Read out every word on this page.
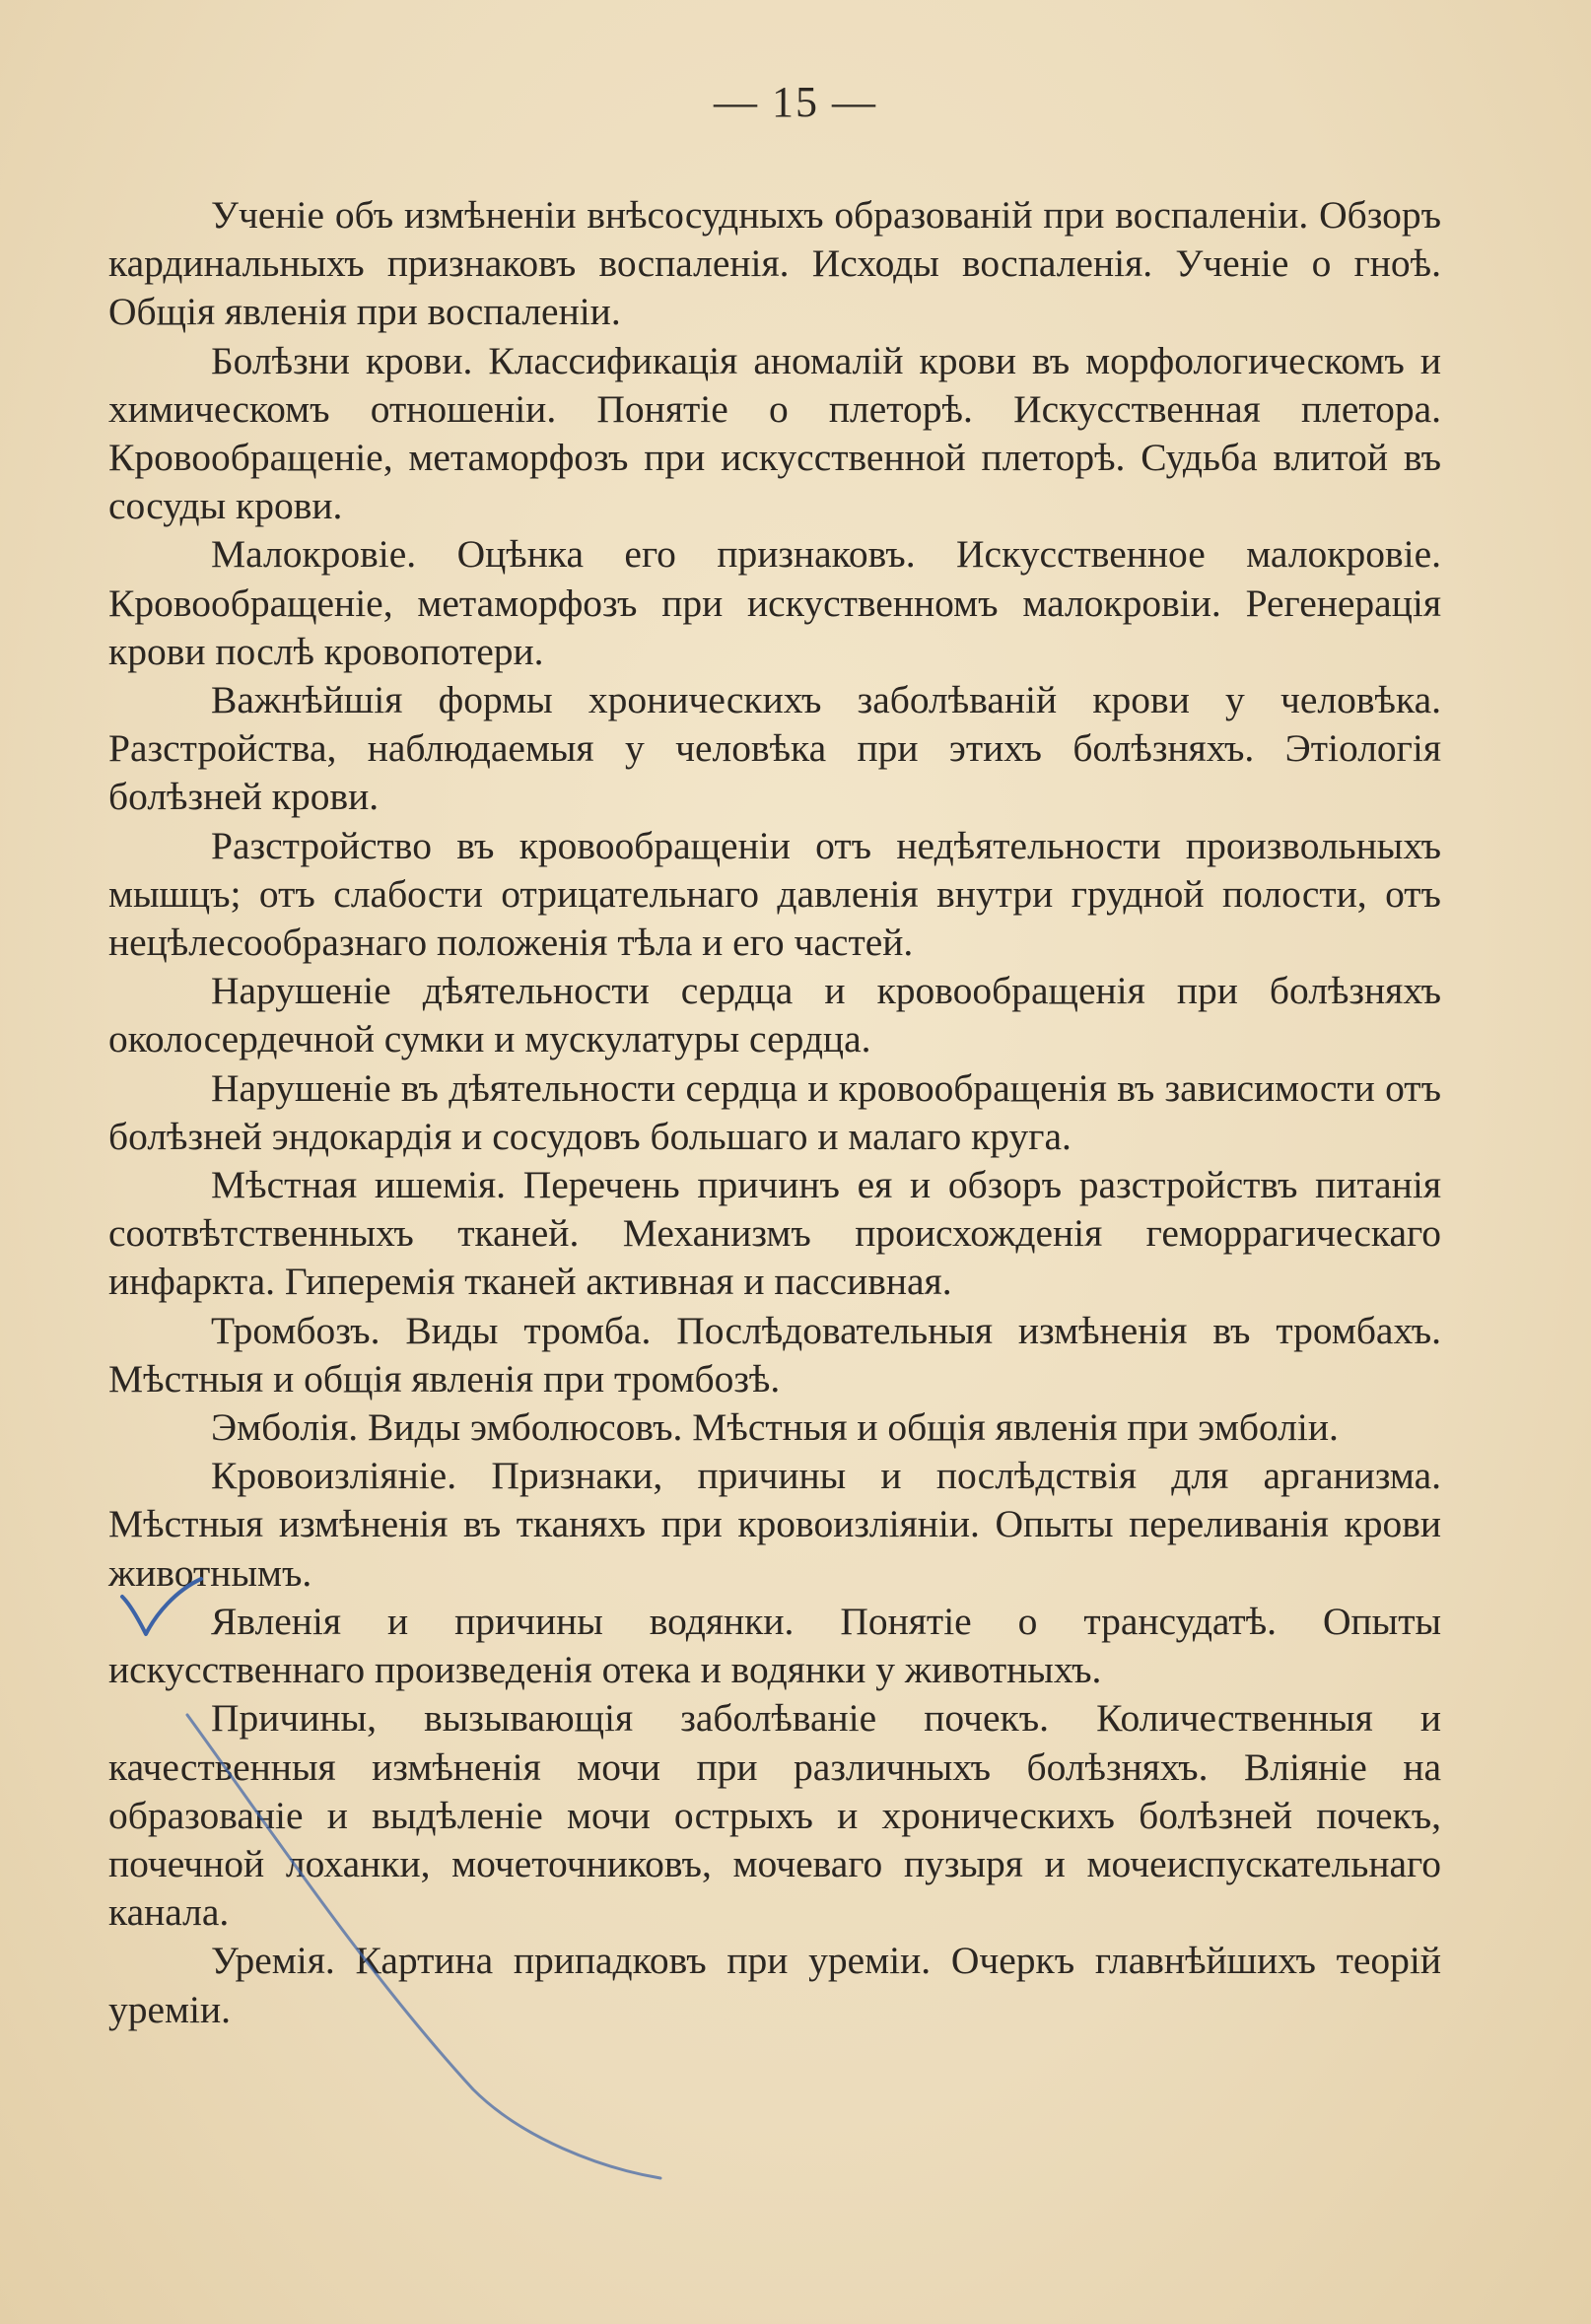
— 15 —

Ученіе объ измѣненіи внѣсосудныхъ образованій при воспаленіи. Обзоръ кардинальныхъ признаковъ воспаленія. Исходы воспаленія. Ученіе о гноѣ. Общія явленія при воспаленіи.

Болѣзни крови. Классификація аномалій крови въ морфологическомъ и химическомъ отношеніи. Понятіе о плеторѣ. Искусственная плетора. Кровообращеніе, метаморфозъ при искусственной плеторѣ. Судьба влитой въ сосуды крови.

Малокровіе. Оцѣнка его признаковъ. Искусственное малокровіе. Кровообращеніе, метаморфозъ при искуственномъ малокровіи. Регенерація крови послѣ кровопотери.

Важнѣйшія формы хроническихъ заболѣваній крови у человѣка. Разстройства, наблюдаемыя у человѣка при этихъ болѣзняхъ. Этіологія болѣзней крови.

Разстройство въ кровообращеніи отъ недѣятельности произвольныхъ мышцъ; отъ слабости отрицательнаго давленія внутри грудной полости, отъ нецѣлесообразнаго положенія тѣла и его частей.

Нарушеніе дѣятельности сердца и кровообращенія при болѣзняхъ околосердечной сумки и мускулатуры сердца.

Нарушеніе въ дѣятельности сердца и кровообращенія въ зависимости отъ болѣзней эндокардія и сосудовъ большаго и малаго круга.

Мѣстная ишемія. Перечень причинъ ея и обзоръ разстройствъ питанія соотвѣтственныхъ тканей. Механизмъ происхожденія геморрагическаго инфаркта. Гиперемія тканей активная и пассивная.

Тромбозъ. Виды тромба. Послѣдовательныя измѣненія въ тромбахъ. Мѣстныя и общія явленія при тромбозѣ.

Эмболія. Виды эмболюсовъ. Мѣстныя и общія явленія при эмболіи.

Кровоизліяніе. Признаки, причины и послѣдствія для арганизма. Мѣстныя измѣненія въ тканяхъ при кровоизліяніи. Опыты переливанія крови животнымъ.

Явленія и причины водянки. Понятіе о трансудатѣ. Опыты искусственнаго произведенія отека и водянки у животныхъ.

Причины, вызывающія заболѣваніе почекъ. Количественныя и качественныя измѣненія мочи при различныхъ болѣзняхъ. Вліяніе на образованіе и выдѣленіе мочи острыхъ и хроническихъ болѣзней почекъ, почечной лоханки, мочеточниковъ, мочеваго пузыря и мочеиспускательнаго канала.

Уремія. Картина припадковъ при уреміи. Очеркъ главнѣйшихъ теорій уреміи.
